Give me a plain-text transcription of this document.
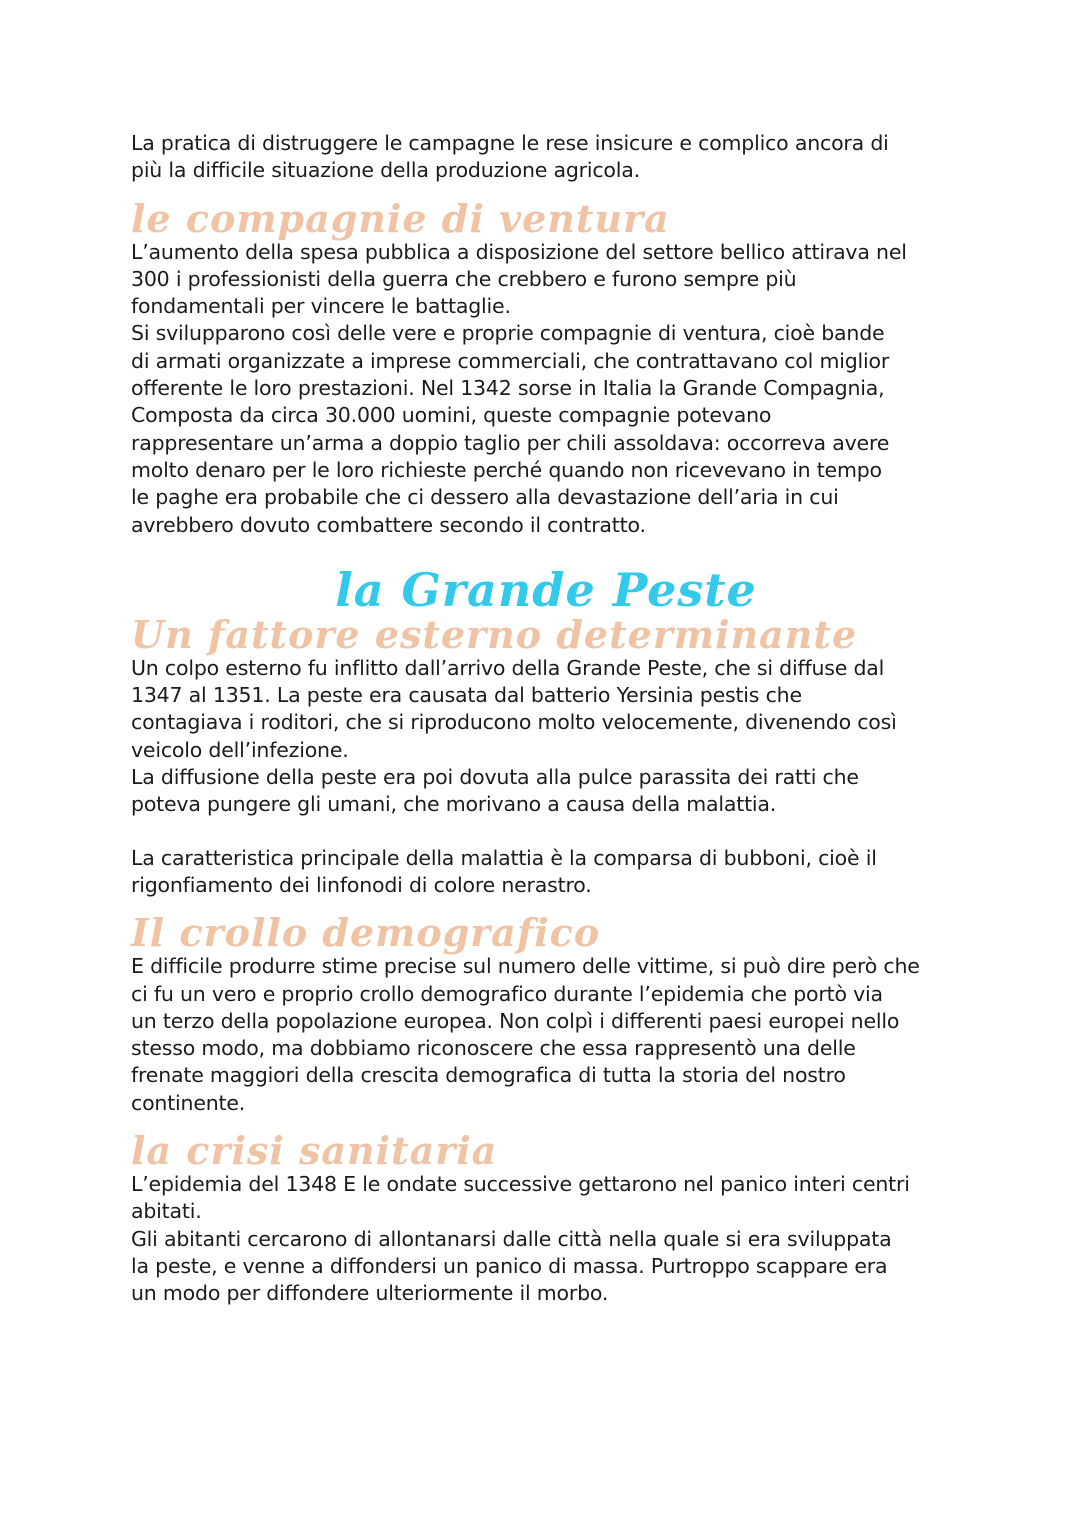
La pratica di distruggere le campagne le rese insicure e complico ancora di
più la difficile situazione della produzione agricola.

le compagnie di ventura

L’aumento della spesa pubblica a disposizione del settore bellico attirava nel
300 i professionisti della guerra che crebbero e furono sempre più
fondamentali per vincere le battaglie.
Si svilupparono così delle vere e proprie compagnie di ventura, cioè bande
di armati organizzate a imprese commerciali, che contrattavano col miglior
offerente le loro prestazioni. Nel 1342 sorse in Italia la Grande Compagnia,
Composta da circa 30.000 uomini, queste compagnie potevano
rappresentare un’arma a doppio taglio per chili assoldava: occorreva avere
molto denaro per le loro richieste perché quando non ricevevano in tempo
le paghe era probabile che ci dessero alla devastazione dell’aria in cui
avrebbero dovuto combattere secondo il contratto.

la Grande Peste
Un fattore esterno determinante

Un colpo esterno fu inflitto dall’arrivo della Grande Peste, che si diffuse dal
1347 al 1351. La peste era causata dal batterio Yersinia pestis che
contagiava i roditori, che si riproducono molto velocemente, divenendo così
veicolo dell’infezione.
La diffusione della peste era poi dovuta alla pulce parassita dei ratti che
poteva pungere gli umani, che morivano a causa della malattia.

La caratteristica principale della malattia è la comparsa di bubboni, cioè il
rigonfiamento dei linfonodi di colore nerastro.

Il crollo demografico

E difficile produrre stime precise sul numero delle vittime, si può dire però che
ci fu un vero e proprio crollo demografico durante l’epidemia che portò via
un terzo della popolazione europea. Non colpì i differenti paesi europei nello
stesso modo, ma dobbiamo riconoscere che essa rappresentò una delle
frenate maggiori della crescita demografica di tutta la storia del nostro
continente.

la crisi sanitaria

L’epidemia del 1348 E le ondate successive gettarono nel panico interi centri
abitati.
Gli abitanti cercarono di allontanarsi dalle città nella quale si era sviluppata
la peste, e venne a diffondersi un panico di massa. Purtroppo scappare era
un modo per diffondere ulteriormente il morbo.
